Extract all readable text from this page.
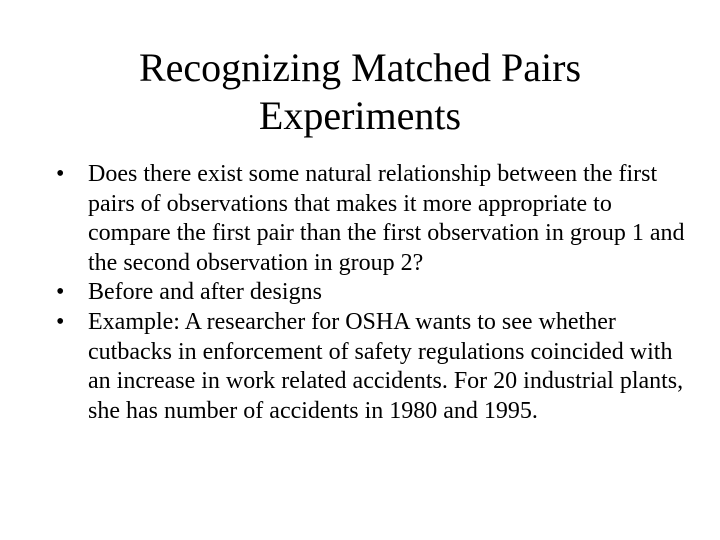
Recognizing Matched Pairs
Experiments
• Does there exist some natural relationship between the first pairs of observations that makes it more appropriate to compare the first pair than the first observation in group 1 and the second observation in group 2?
• Before and after designs
• Example: A researcher for OSHA wants to see whether cutbacks in enforcement of safety regulations coincided with an increase in work related accidents. For 20 industrial plants, she has number of accidents in 1980 and 1995.
